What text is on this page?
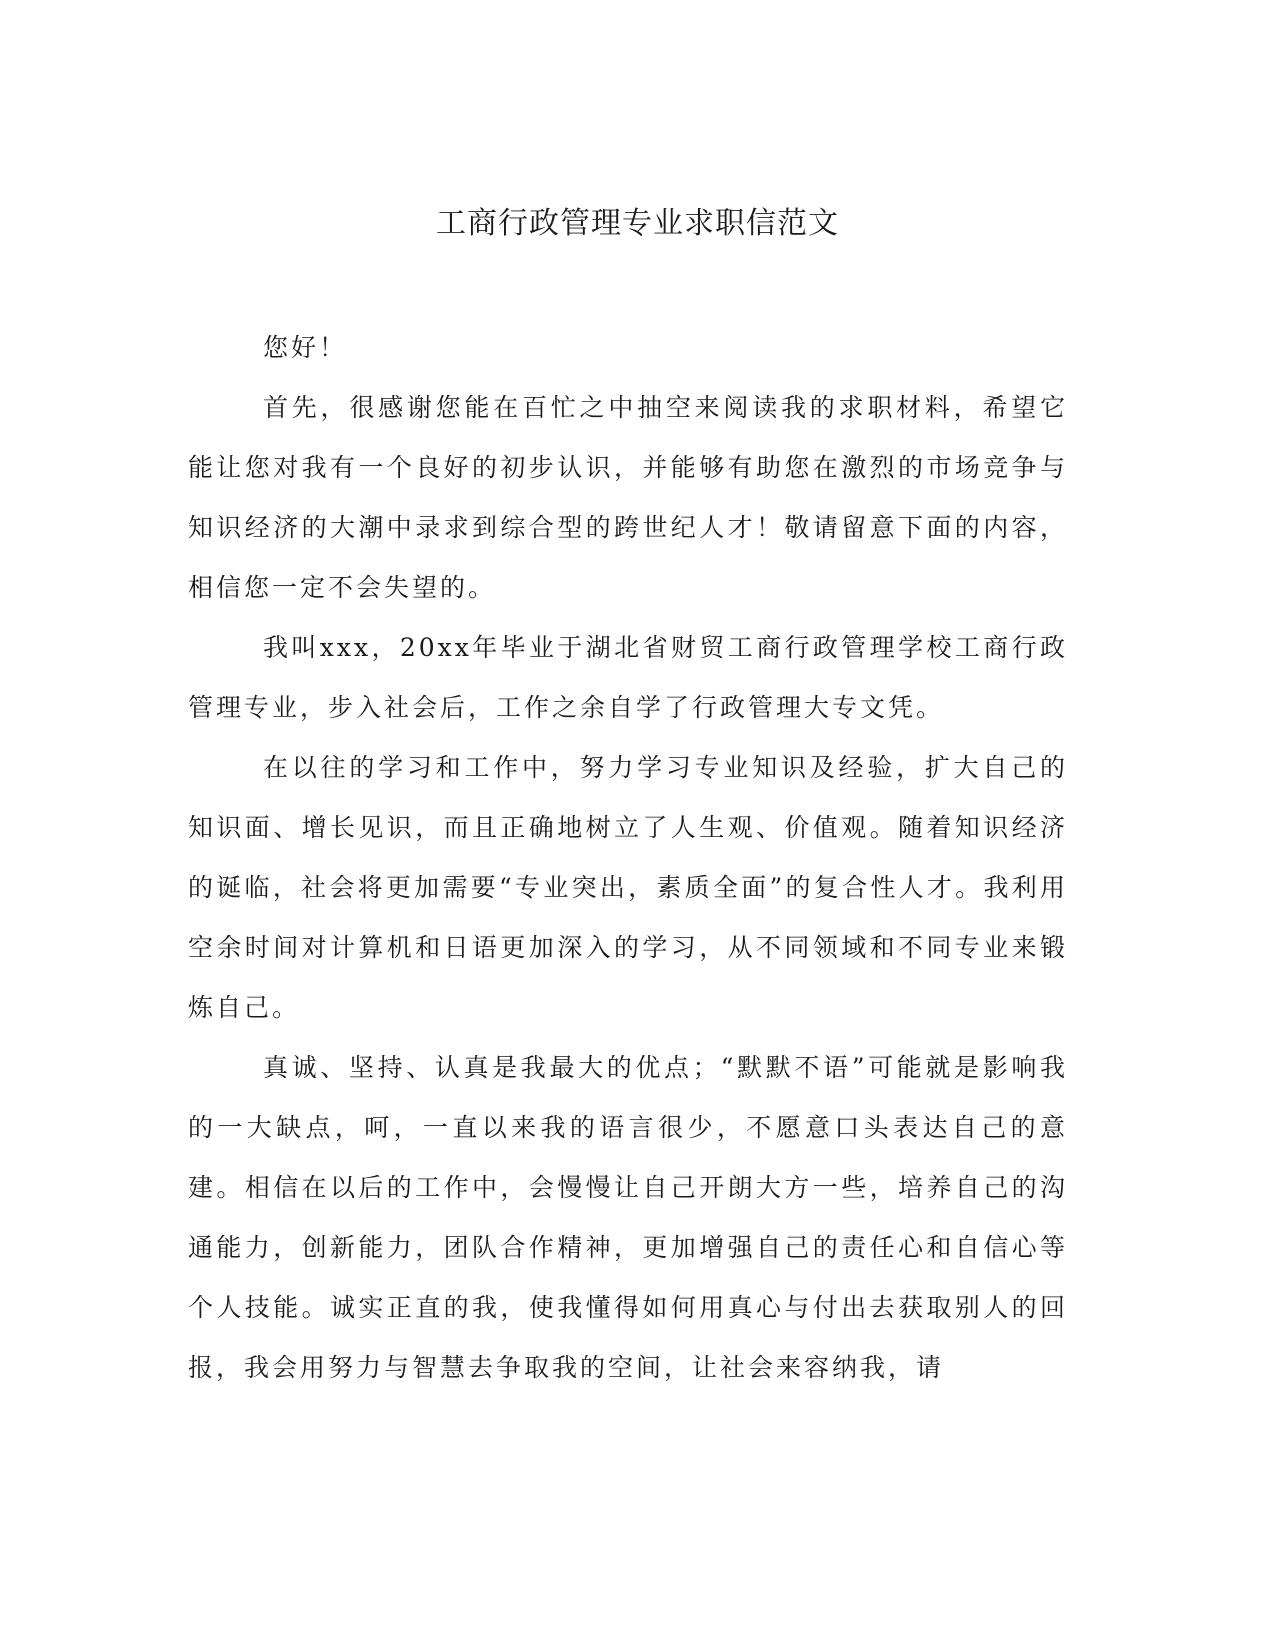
工商行政管理专业求职信范文

您好！

首先，很感谢您能在百忙之中抽空来阅读我的求职材料，希望它能让您对我有一个良好的初步认识，并能够有助您在激烈的市场竞争与知识经济的大潮中录求到综合型的跨世纪人才！敬请留意下面的内容，相信您一定不会失望的。

我叫xxx，20xx年毕业于湖北省财贸工商行政管理学校工商行政管理专业，步入社会后，工作之余自学了行政管理大专文凭。

在以往的学习和工作中，努力学习专业知识及经验，扩大自己的知识面、增长见识，而且正确地树立了人生观、价值观。随着知识经济的诞临，社会将更加需要“专业突出，素质全面”的复合性人才。我利用空余时间对计算机和日语更加深入的学习，从不同领域和不同专业来锻炼自己。

真诚、坚持、认真是我最大的优点；“默默不语”可能就是影响我的一大缺点，呵，一直以来我的语言很少，不愿意口头表达自己的意建。相信在以后的工作中，会慢慢让自己开朗大方一些，培养自己的沟通能力，创新能力，团队合作精神，更加增强自己的责任心和自信心等个人技能。诚实正直的我，使我懂得如何用真心与付出去获取别人的回报，我会用努力与智慧去争取我的空间，让社会来容纳我，请
